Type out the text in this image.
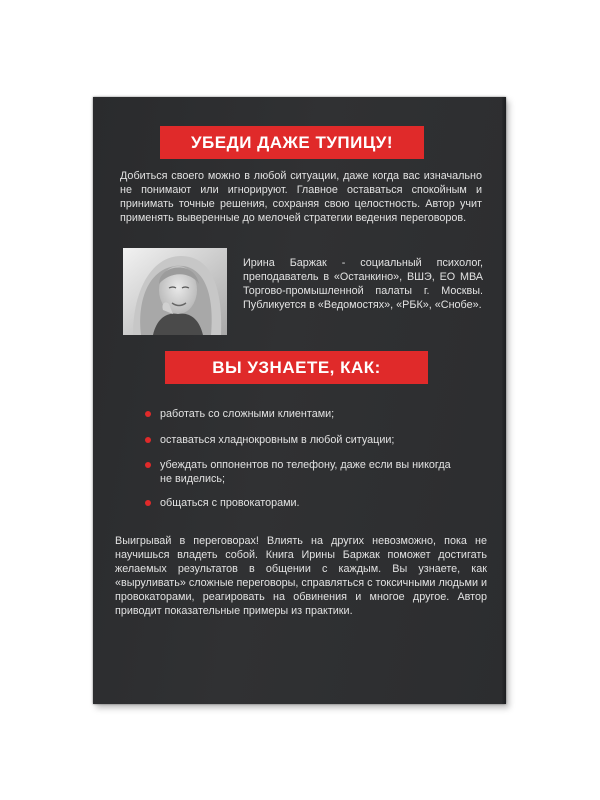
УБЕДИ ДАЖЕ ТУПИЦУ!
Добиться своего можно в любой ситуации, даже когда вас изначально не понимают или игнорируют. Главное оставаться спокойным и принимать точные решения, сохраняя свою целостность. Автор учит применять выверенные до мелочей стратегии ведения переговоров.
Ирина Баржак - социальный психолог, преподаватель в «Останкино», ВШЭ, ЕО МВА Торгово-промышленной палаты г. Москвы. Публикуется в «Ведомостях», «РБК», «Снобе».
ВЫ УЗНАЕТЕ, КАК:
работать со сложными клиентами;
оставаться хладнокровным в любой ситуации;
убеждать оппонентов по телефону, даже если вы никогда не виделись;
общаться с провокаторами.
Выигрывай в переговорах! Влиять на других невозможно, пока не научишься владеть собой. Книга Ирины Баржак поможет достигать желаемых результатов в общении с каждым. Вы узнаете, как «выруливать» сложные переговоры, справляться с токсичными людьми и провокаторами, реагировать на обвинения и многое другое. Автор приводит показательные примеры из практики.
